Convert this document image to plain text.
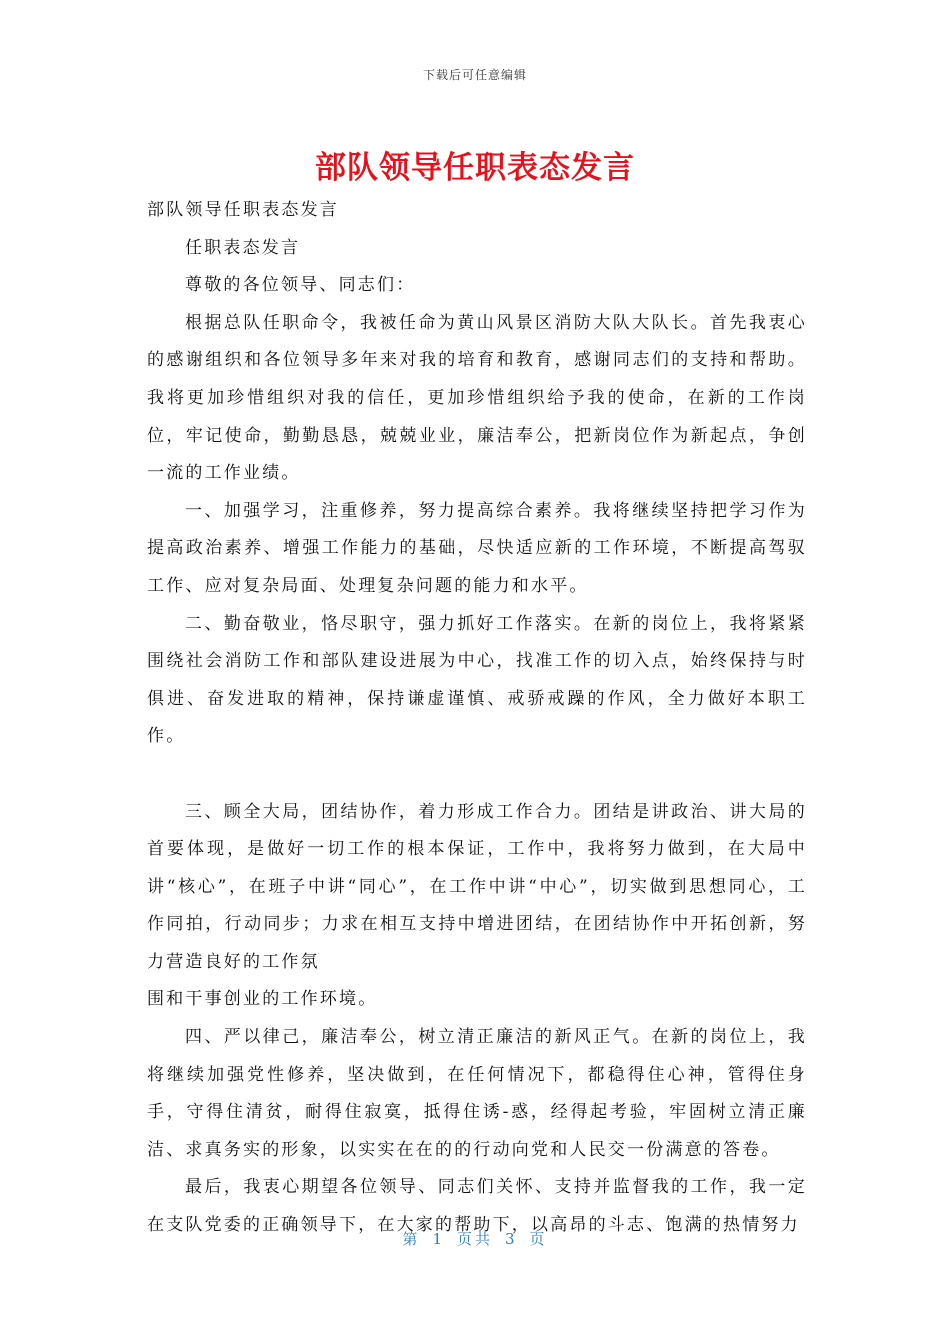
下载后可任意编辑
部队领导任职表态发言

部队领导任职表态发言

任职表态发言

尊敬的各位领导、同志们：

根据总队任职命令，我被任命为黄山风景区消防大队大队长。首先我衷心的感谢组织和各位领导多年来对我的培育和教育，感谢同志们的支持和帮助。我将更加珍惜组织对我的信任，更加珍惜组织给予我的使命，在新的工作岗位，牢记使命，勤勤恳恳，兢兢业业，廉洁奉公，把新岗位作为新起点，争创一流的工作业绩。

一、加强学习，注重修养，努力提高综合素养。我将继续坚持把学习作为提高政治素养、增强工作能力的基础，尽快适应新的工作环境，不断提高驾驭工作、应对复杂局面、处理复杂问题的能力和水平。

二、勤奋敬业，恪尽职守，强力抓好工作落实。在新的岗位上，我将紧紧围绕社会消防工作和部队建设进展为中心，找准工作的切入点，始终保持与时俱进、奋发进取的精神，保持谦虚谨慎、戒骄戒躁的作风，全力做好本职工作。

三、顾全大局，团结协作，着力形成工作合力。团结是讲政治、讲大局的首要体现，是做好一切工作的根本保证，工作中，我将努力做到，在大局中讲“核心”，在班子中讲“同心”，在工作中讲“中心”，切实做到思想同心，工作同拍，行动同步；力求在相互支持中增进团结，在团结协作中开拓创新，努力营造良好的工作氛

围和干事创业的工作环境。

四、严以律己，廉洁奉公，树立清正廉洁的新风正气。在新的岗位上，我将继续加强党性修养，坚决做到，在任何情况下，都稳得住心神，管得住身手，守得住清贫，耐得住寂寞，抵得住诱-惑，经得起考验，牢固树立清正廉洁、求真务实的形象，以实实在在的的行动向党和人民交一份满意的答卷。

最后，我衷心期望各位领导、同志们关怀、支持并监督我的工作，我一定在支队党委的正确领导下，在大家的帮助下，以高昂的斗志、饱满的热情努力

第 1 页共 3 页
